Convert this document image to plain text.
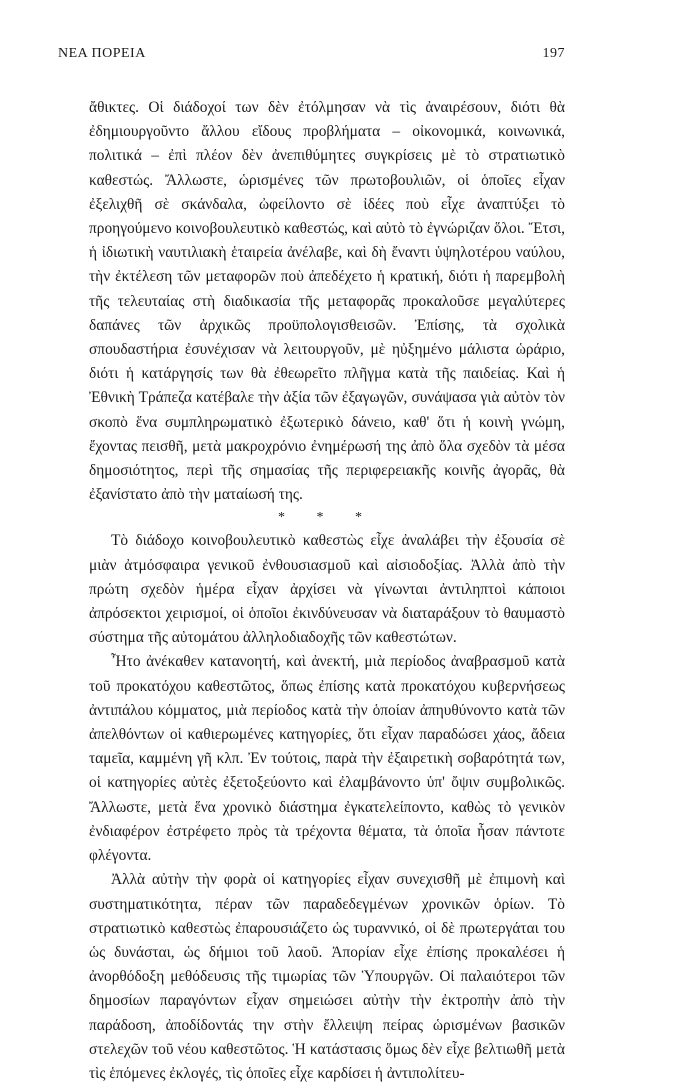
ΝΕΑ ΠΟΡΕΙΑ	197

ἄθικτες. Οἱ διάδοχοί των δὲν ἐτόλμησαν νὰ τὶς ἀναιρέσουν, διότι θὰ ἐδημιουργοῦντο ἄλλου εἴδους προβλήματα – οἰκονομικά, κοινωνικά, πολιτικά – ἐπὶ πλέον δὲν ἀνεπιθύμητες συγκρίσεις μὲ τὸ στρατιωτικὸ καθεστώς. Ἄλλωστε, ὡρισμένες τῶν πρωτοβουλιῶν, οἱ ὁποῖες εἶχαν ἐξελιχθῆ σὲ σκάνδαλα, ὠφείλοντο σὲ ἰδέες ποὺ εἶχε ἀναπτύξει τὸ προηγούμενο κοινοβουλευτικὸ καθεστώς, καὶ αὐτὸ τὸ ἐγνώριζαν ὅλοι. Ἔτσι, ἡ ἰδιωτικὴ ναυτιλιακὴ ἑταιρεία ἀνέλαβε, καὶ δὴ ἔναντι ὑψηλοτέρου ναύλου, τὴν ἐκτέλεση τῶν μεταφορῶν ποὺ ἀπεδέχετο ἡ κρατική, διότι ἡ παρεμβολὴ τῆς τελευταίας στὴ διαδικασία τῆς μεταφορᾶς προκαλοῦσε μεγαλύτερες δαπάνες τῶν ἀρχικῶς προϋπολογισθεισῶν. Ἐπίσης, τὰ σχολικὰ σπουδαστήρια ἐσυνέχισαν νὰ λειτουργοῦν, μὲ ηὐξημένο μάλιστα ὡράριο, διότι ἡ κατάργησίς των θὰ ἐθεωρεῖτο πλῆγμα κατὰ τῆς παιδείας. Καὶ ἡ Ἐθνικὴ Τράπεζα κατέβαλε τὴν ἀξία τῶν ἐξαγωγῶν, συνάψασα γιὰ αὐτὸν τὸν σκοπὸ ἕνα συμπληρωματικὸ ἐξωτερικὸ δάνειο, καθ' ὅτι ἡ κοινὴ γνώμη, ἔχοντας πεισθῆ, μετὰ μακροχρόνιο ἐνημέρωσή της ἀπὸ ὅλα σχεδὸν τὰ μέσα δημοσιότητος, περὶ τῆς σημασίας τῆς περιφερειακῆς κοινῆς ἀγορᾶς, θὰ ἐξανίστατο ἀπὸ τὴν ματαίωσή της.

* * *

Τὸ διάδοχο κοινοβουλευτικὸ καθεστὼς εἶχε ἀναλάβει τὴν ἐξουσία σὲ μιὰν ἀτμόσφαιρα γενικοῦ ἐνθουσιασμοῦ καὶ αἰσιοδοξίας. Ἀλλὰ ἀπὸ τὴν πρώτη σχεδὸν ἡμέρα εἶχαν ἀρχίσει νὰ γίνωνται ἀντιληπτοὶ κάποιοι ἀπρόσεκτοι χειρισμοί, οἱ ὁποῖοι ἐκινδύνευσαν νὰ διαταράξουν τὸ θαυμαστὸ σύστημα τῆς αὐτομάτου ἀλληλοδιαδοχῆς τῶν καθεστώτων.

Ἦτο ἀνέκαθεν κατανοητή, καὶ ἀνεκτή, μιὰ περίοδος ἀναβρασμοῦ κατὰ τοῦ προκατόχου καθεστῶτος, ὅπως ἐπίσης κατὰ προκατόχου κυβερνήσεως ἀντιπάλου κόμματος, μιὰ περίοδος κατὰ τὴν ὁποίαν ἀπηυθύνοντο κατὰ τῶν ἀπελθόντων οἱ καθιερωμένες κατηγορίες, ὅτι εἶχαν παραδώσει χάος, ἄδεια ταμεῖα, καμμένη γῆ κλπ. Ἐν τούτοις, παρὰ τὴν ἐξαιρετικὴ σοβαρότητά των, οἱ κατηγορίες αὐτὲς ἐξετοξεύοντο καὶ ἐλαμβάνοντο ὑπ' ὄψιν συμβολικῶς. Ἄλλωστε, μετὰ ἕνα χρονικὸ διάστημα ἐγκατελείποντο, καθὼς τὸ γενικὸν ἐνδιαφέρον ἐστρέφετο πρὸς τὰ τρέχοντα θέματα, τὰ ὁποῖα ἦσαν πάντοτε φλέγοντα.

Ἀλλὰ αὐτὴν τὴν φορὰ οἱ κατηγορίες εἶχαν συνεχισθῆ μὲ ἐπιμονὴ καὶ συστηματικότητα, πέραν τῶν παραδεδεγμένων χρονικῶν ὁρίων. Τὸ στρατιωτικὸ καθεστὼς ἐπαρουσιάζετο ὡς τυραννικό, οἱ δὲ πρωτεργάται του ὡς δυνάσται, ὡς δήμιοι τοῦ λαοῦ. Ἀπορίαν εἶχε ἐπίσης προκαλέσει ἡ ἀνορθόδοξη μεθόδευσις τῆς τιμωρίας τῶν Ὑπουργῶν. Οἱ παλαιότεροι τῶν δημοσίων παραγόντων εἶχαν σημειώσει αὐτὴν τὴν ἐκτροπὴν ἀπὸ τὴν παράδοση, ἀποδίδοντάς την στὴν ἔλλειψη πείρας ὡρισμένων βασικῶν στελεχῶν τοῦ νέου καθεστῶτος. Ἡ κατάστασις ὅμως δὲν εἶχε βελτιωθῆ μετὰ τὶς ἑπόμενες ἐκλογές, τὶς ὁποῖες εἶχε καρδίσει ἡ ἀντιπολίτευ-
